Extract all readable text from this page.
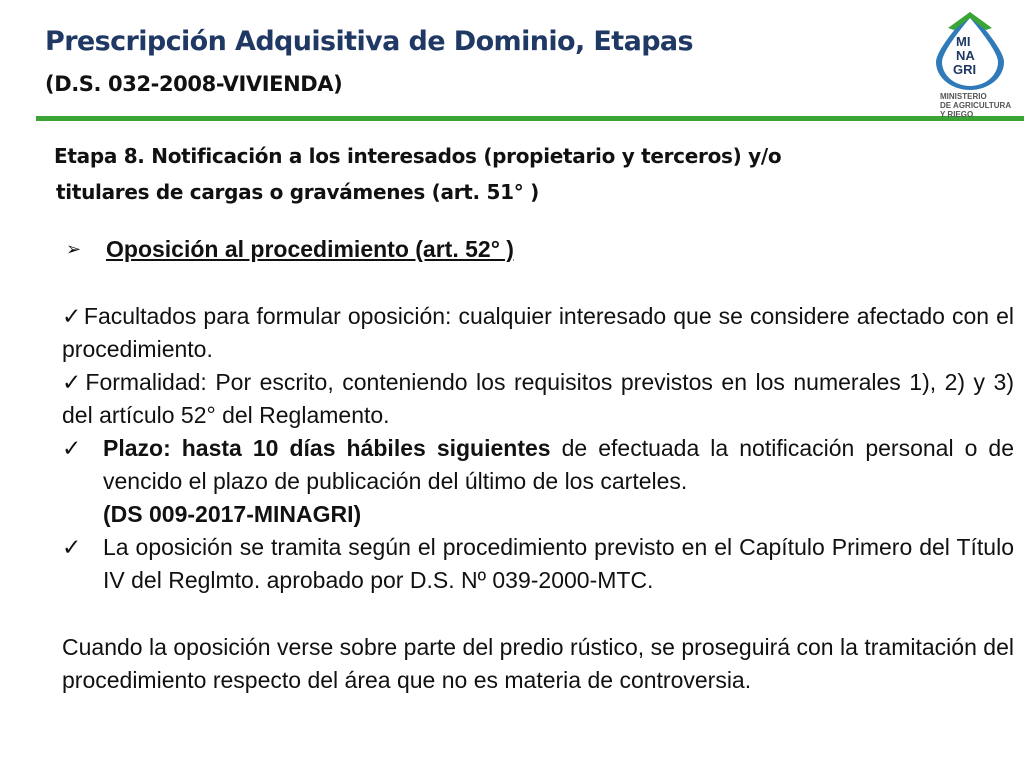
Prescripción Adquisitiva de Dominio, Etapas
(D.S. 032-2008-VIVIENDA)
MI
NA
GRI
MINISTERIO
DE AGRICULTURA
Y RIEGO
Etapa 8. Notificación a los interesados (propietario y terceros) y/o
titulares de cargas o gravámenes (art. 51° )
➢	Oposición al procedimiento (art. 52° )
✓Facultados para formular oposición: cualquier interesado que se considere afectado con el procedimiento.
✓Formalidad: Por escrito, conteniendo los requisitos previstos en los numerales 1), 2) y 3) del artículo 52° del Reglamento.
✓ Plazo: hasta 10 días hábiles siguientes de efectuada la notificación personal o de vencido el plazo de publicación del último de los carteles.
(DS 009-2017-MINAGRI)
✓ La oposición se tramita según el procedimiento previsto en el Capítulo Primero del Título IV del Reglmto. aprobado por D.S. Nº 039-2000-MTC.
Cuando la oposición verse sobre parte del predio rústico, se proseguirá con la tramitación del procedimiento respecto del área que no es materia de controversia.
